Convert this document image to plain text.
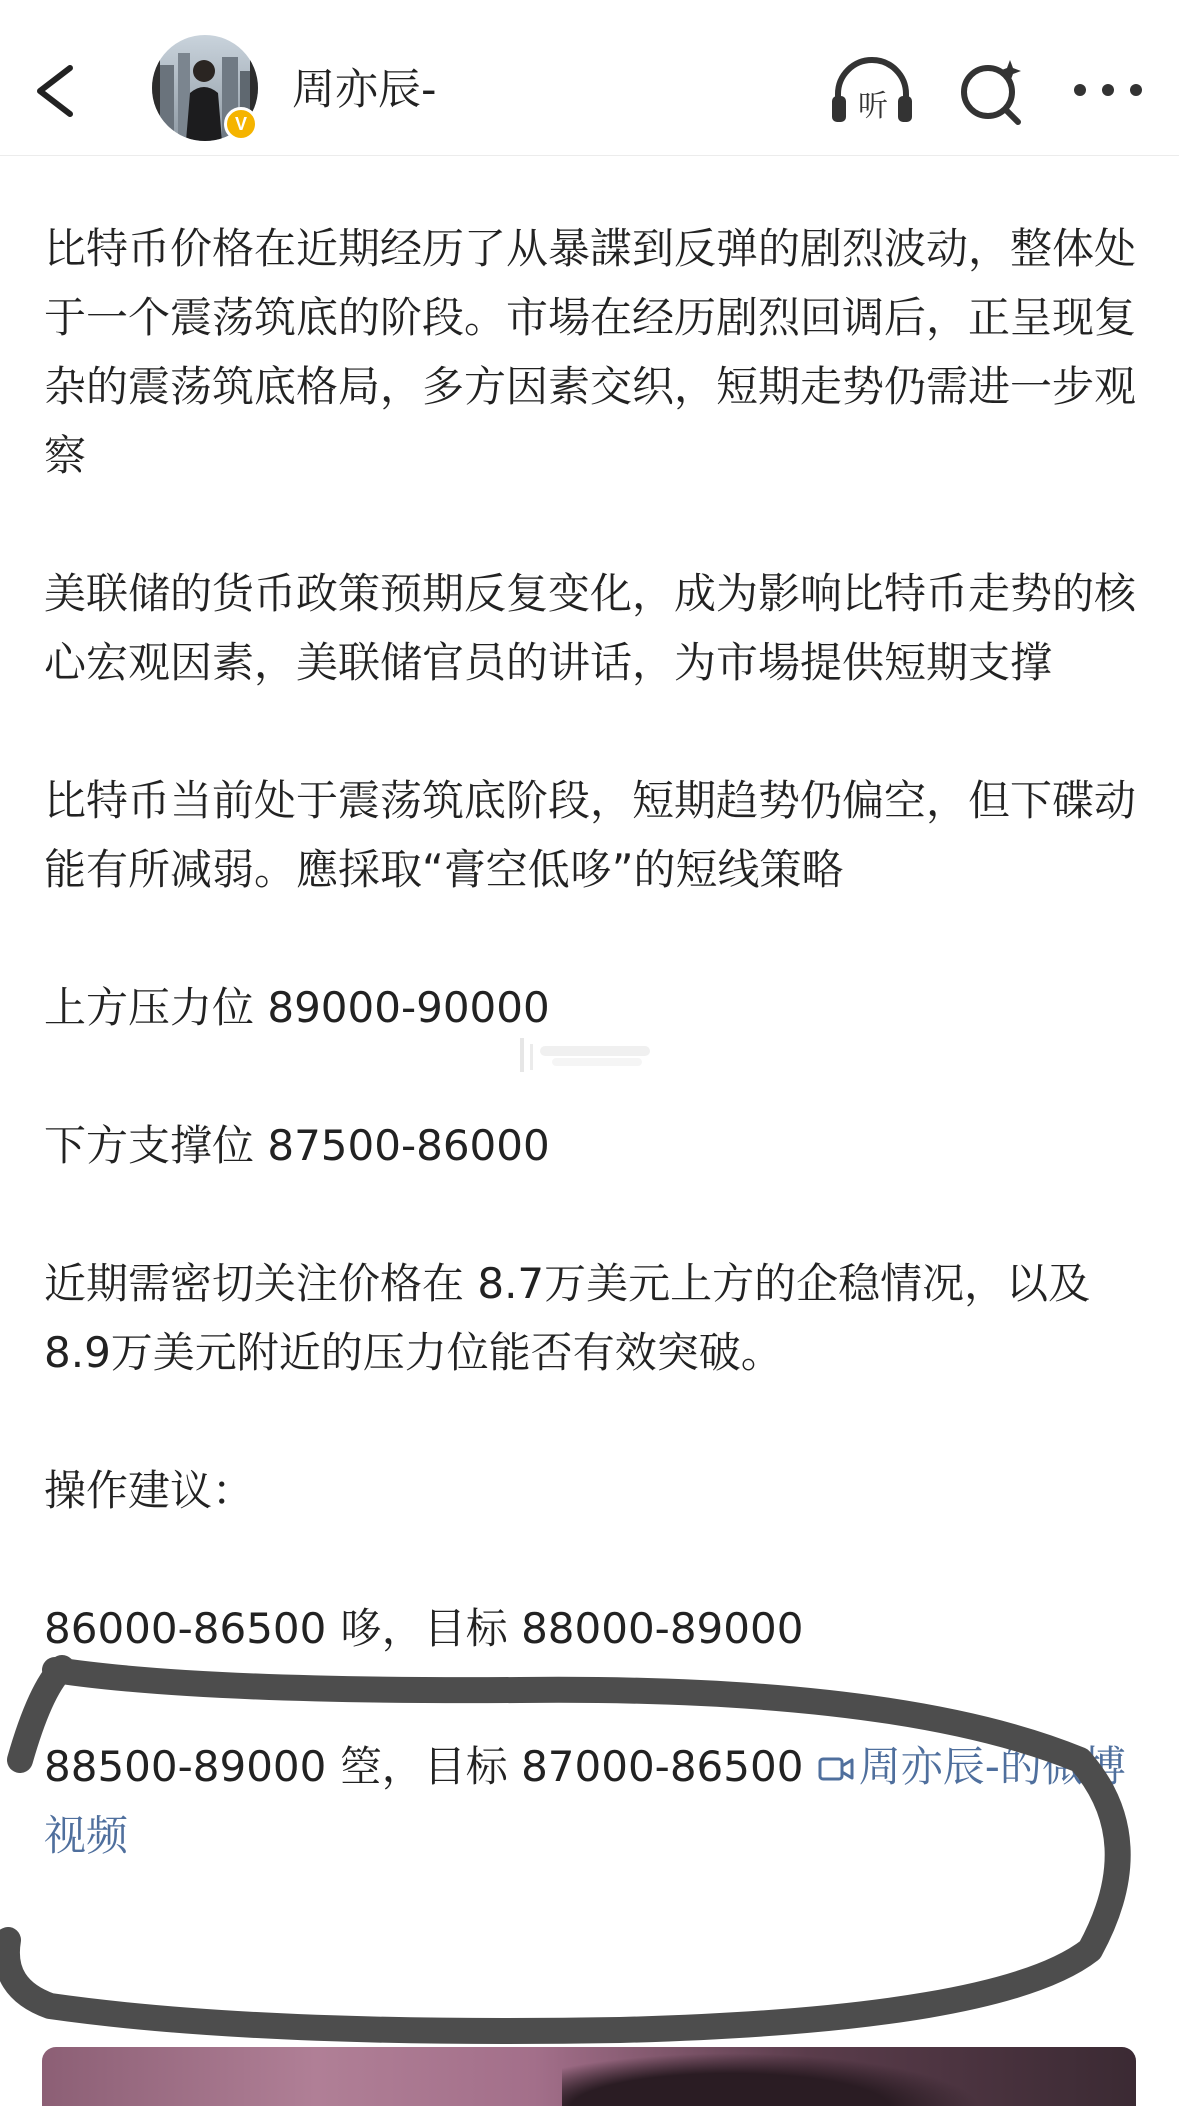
V
周亦辰-	听

比特币价格在近期经历了从暴諜到反弹的剧烈波动，整体处于一个震荡筑底的阶段。市場在经历剧烈回调后，正呈现复杂的震荡筑底格局，多方因素交织，短期走势仍需进一步观察

美联储的货币政策预期反复变化，成为影响比特币走势的核心宏观因素，美联储官员的讲话，为市場提供短期支撑

比特币当前处于震荡筑底阶段，短期趋势仍偏空，但下碟动能有所减弱。應採取“膏空低哆”的短线策略

上方压力位 89000-90000

下方支撑位 87500-86000

近期需密切关注价格在 8.7万美元上方的企稳情况，以及 8.9万美元附近的压力位能否有效突破。

操作建议：

86000-86500 哆，目标 88000-89000

88500-89000 箜，目标 87000-86500 周亦辰-的微博视频
